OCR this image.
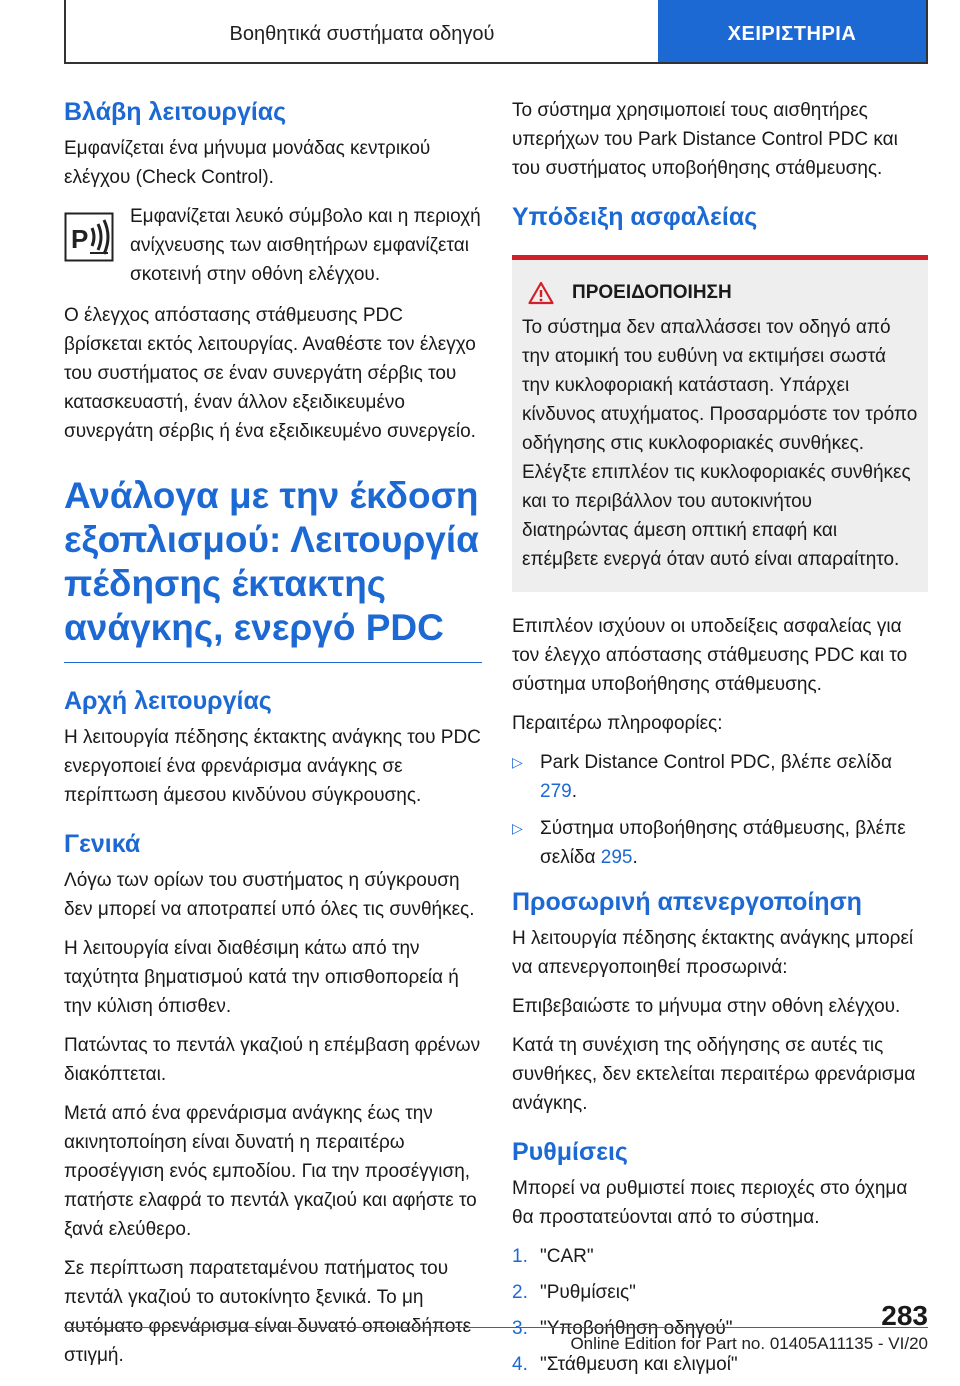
Βοηθητικά συστήματα οδηγού	ΧΕΙΡΙΣΤΗΡΙΑ
Βλάβη λειτουργίας

Εμφανίζεται ένα μήνυμα μονάδας κεντρικού ελέγχου (Check Control).

P

Εμφανίζεται λευκό σύμβολο και η περιοχή ανίχνευσης των αισθητήρων εμφανίζεται σκοτεινή στην οθόνη ελέγχου.

Ο έλεγχος απόστασης στάθμευσης PDC βρίσκεται εκτός λειτουργίας. Αναθέστε τον έλεγχο του συστήματος σε έναν συνεργάτη σέρβις του κατασκευαστή, έναν άλλον εξειδικευμένο συνεργάτη σέρβις ή ένα εξειδικευμένο συνεργείο.

Ανάλογα με την έκδοση εξοπλισμού: Λειτουργία πέδησης έκτακτης ανάγκης, ενεργό PDC
Αρχή λειτουργίας

Η λειτουργία πέδησης έκτακτης ανάγκης του PDC ενεργοποιεί ένα φρενάρισμα ανάγκης σε περίπτωση άμεσου κινδύνου σύγκρουσης.

Γενικά

Λόγω των ορίων του συστήματος η σύγκρουση δεν μπορεί να αποτραπεί υπό όλες τις συνθήκες.

Η λειτουργία είναι διαθέσιμη κάτω από την ταχύτητα βηματισμού κατά την οπισθοπορεία ή την κύλιση όπισθεν.

Πατώντας το πεντάλ γκαζιού η επέμβαση φρένων διακόπτεται.

Μετά από ένα φρενάρισμα ανάγκης έως την ακινητοποίηση είναι δυνατή η περαιτέρω προσέγγιση ενός εμποδίου. Για την προσέγγιση, πατήστε ελαφρά το πεντάλ γκαζιού και αφήστε το ξανά ελεύθερο.

Σε περίπτωση παρατεταμένου πατήματος του πεντάλ γκαζιού το αυτοκίνητο ξενικά. Το μη αυτόματο φρενάρισμα είναι δυνατό οποιαδήποτε στιγμή.

Το σύστημα χρησιμοποιεί τους αισθητήρες υπερήχων του Park Distance Control PDC και του συστήματος υποβοήθησης στάθμευσης.

Υπόδειξη ασφαλείας
ΠΡΟΕΙΔΟΠΟΙΗΣΗ

Το σύστημα δεν απαλλάσσει τον οδηγό από την ατομική του ευθύνη να εκτιμήσει σωστά την κυκλοφοριακή κατάσταση. Υπάρχει κίνδυνος ατυχήματος. Προσαρμόστε τον τρόπο οδήγησης στις κυκλοφοριακές συνθήκες. Ελέγξτε επιπλέον τις κυκλοφοριακές συνθήκες και το περιβάλλον του αυτοκινήτου διατηρώντας άμεση οπτική επαφή και επέμβετε ενεργά όταν αυτό είναι απαραίτητο.

Επιπλέον ισχύουν οι υποδείξεις ασφαλείας για τον έλεγχο απόστασης στάθμευσης PDC και το σύστημα υποβοήθησης στάθμευσης.

Περαιτέρω πληροφορίες:

▷ Park Distance Control PDC, βλέπε σελίδα 279.
▷ Σύστημα υποβοήθησης στάθμευσης, βλέπε σελίδα 295.
Προσωρινή απενεργοποίηση

Η λειτουργία πέδησης έκτακτης ανάγκης μπορεί να απενεργοποιηθεί προσωρινά:

Επιβεβαιώστε το μήνυμα στην οθόνη ελέγχου.

Κατά τη συνέχιση της οδήγησης σε αυτές τις συνθήκες, δεν εκτελείται περαιτέρω φρενάρισμα ανάγκης.

Ρυθμίσεις

Μπορεί να ρυθμιστεί ποιες περιοχές στο όχημα θα προστατεύονται από το σύστημα.

1. "CAR"
2. "Ρυθμίσεις"
3. "Υποβοήθηση οδηγού"
4. "Στάθμευση και ελιγμοί"
283
Online Edition for Part no. 01405A11135 - VI/20
